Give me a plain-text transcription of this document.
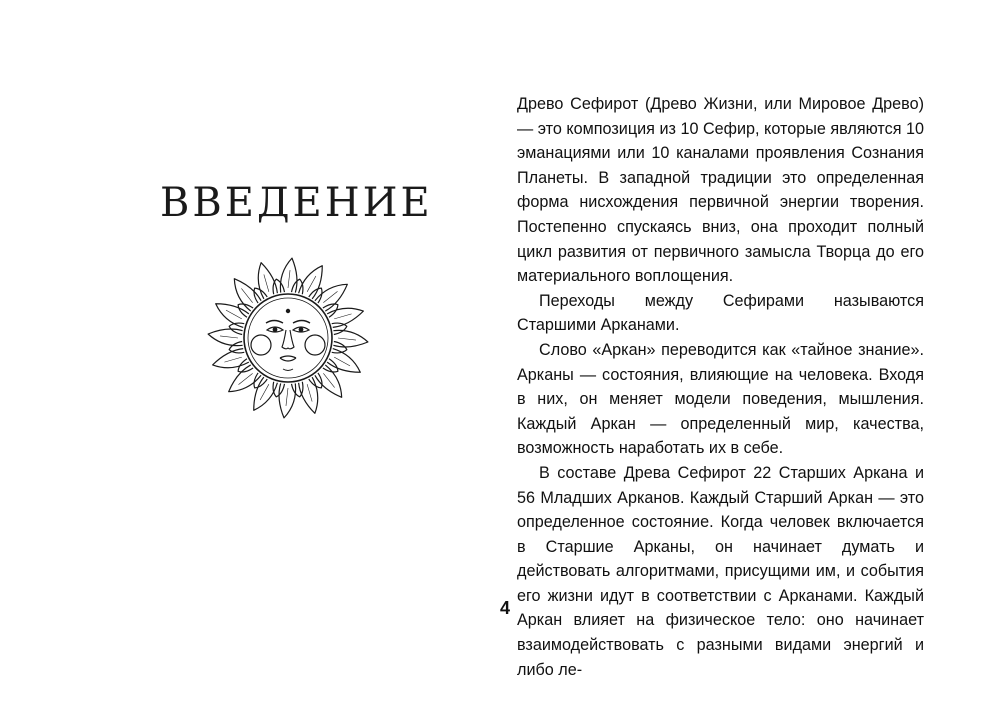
ВВЕДЕНИЕ

Древо Сефирот (Древо Жизни, или Мировое Древо) — это композиция из 10 Сефир, которые являются 10 эманациями или 10 каналами проявления Сознания Планеты. В западной традиции это определенная форма нисхождения первичной энергии творения. Постепенно спускаясь вниз, она проходит полный цикл развития от первичного замысла Творца до его материального воплощения.

Переходы между Сефирами называются Старшими Арканами.

Слово «Аркан» переводится как «тайное знание». Арканы — состояния, влияющие на человека. Входя в них, он меняет модели поведения, мышления. Каждый Аркан — определенный мир, качества, возможность наработать их в себе.

В составе Древа Сефирот 22 Старших Аркана и 56 Младших Арканов. Каждый Старший Аркан — это определенное состояние. Когда человек включается в Старшие Арканы, он начинает думать и действовать алгоритмами, присущими им, и события его жизни идут в соответствии с Арканами. Каждый Аркан влияет на физическое тело: оно начинает взаимодействовать с разными видами энергий и либо ле-

4
